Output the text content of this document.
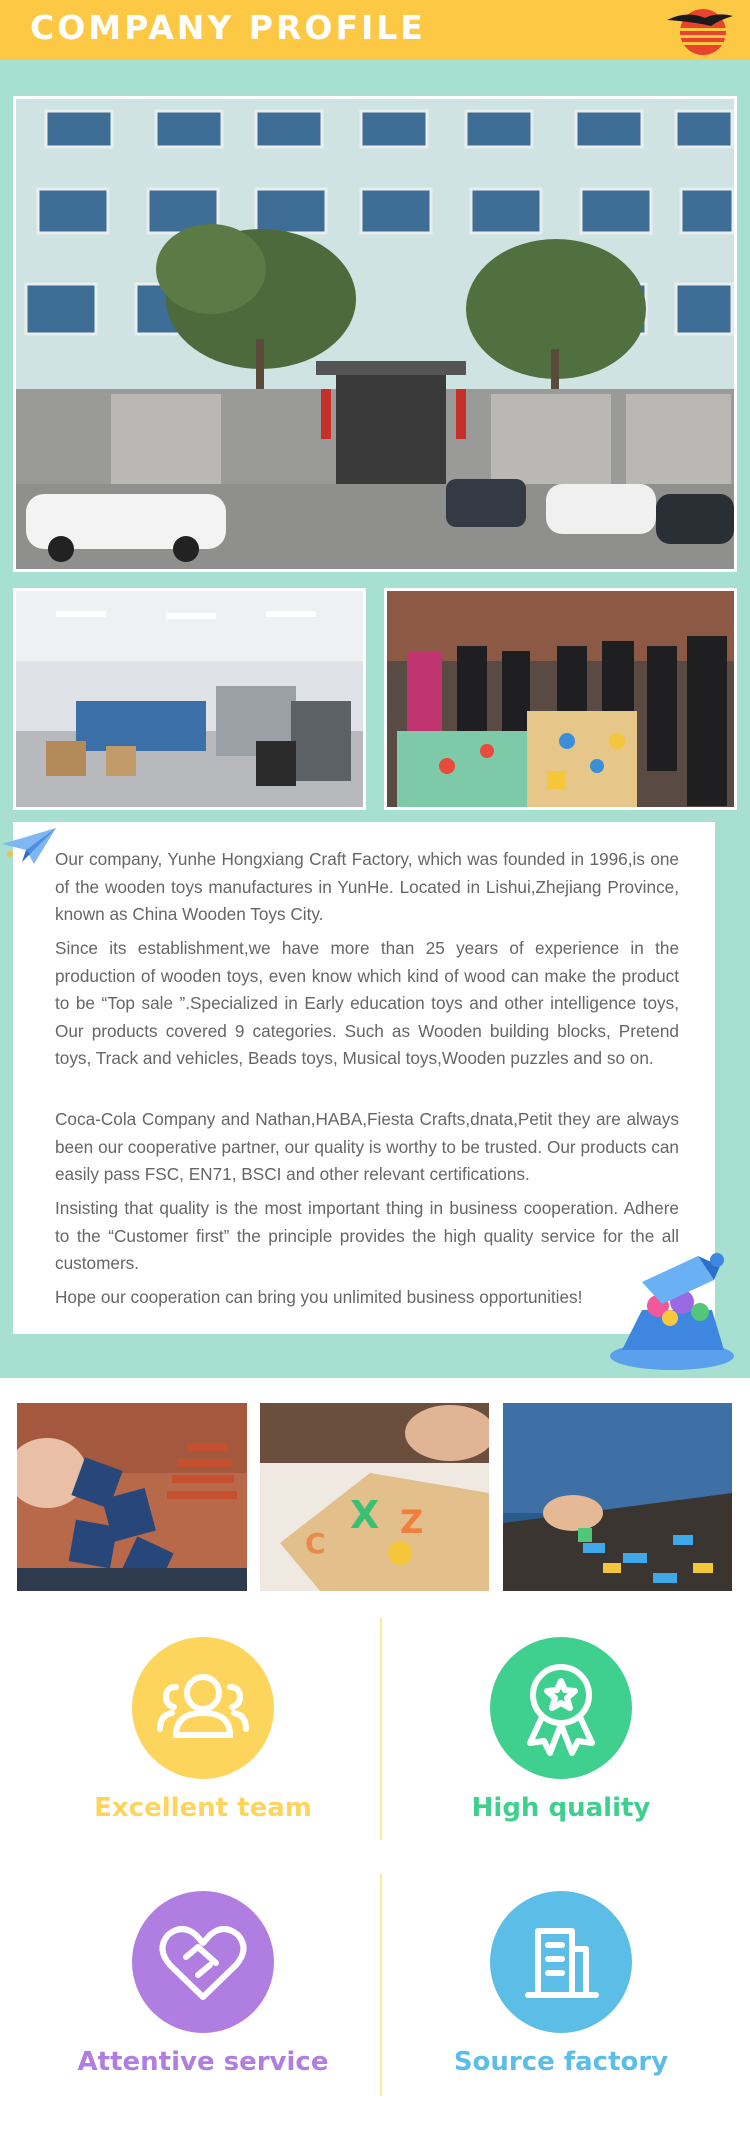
COMPANY PROFILE

Our company, Yunhe Hongxiang Craft Factory, which was founded in 1996,is one of the wooden toys manufactures in YunHe. Located in Lishui,Zhejiang Province, known as China Wooden Toys City.

Since its establishment,we have more than 25 years of experience in the production of wooden toys, even know which kind of wood can make the product to be “Top sale ”.Specialized in Early education toys and other intelligence toys, Our products covered 9 categories. Such as Wooden building blocks, Pretend toys, Track and vehicles, Beads toys, Musical toys,Wooden puzzles and so on.

Coca-Cola Company and Nathan,HABA,Fiesta Crafts,dnata,Petit they are always been our cooperative partner, our quality is worthy to be trusted. Our products can easily pass FSC, EN71, BSCI and other relevant certifications.

Insisting that quality is the most important thing in business cooperation. Adhere to the “Customer first” the principle provides the high quality service for the all customers.

Hope our cooperation can bring you unlimited business opportunities!

X Z
C
Excellent team	High quality
Attentive service	Source factory
